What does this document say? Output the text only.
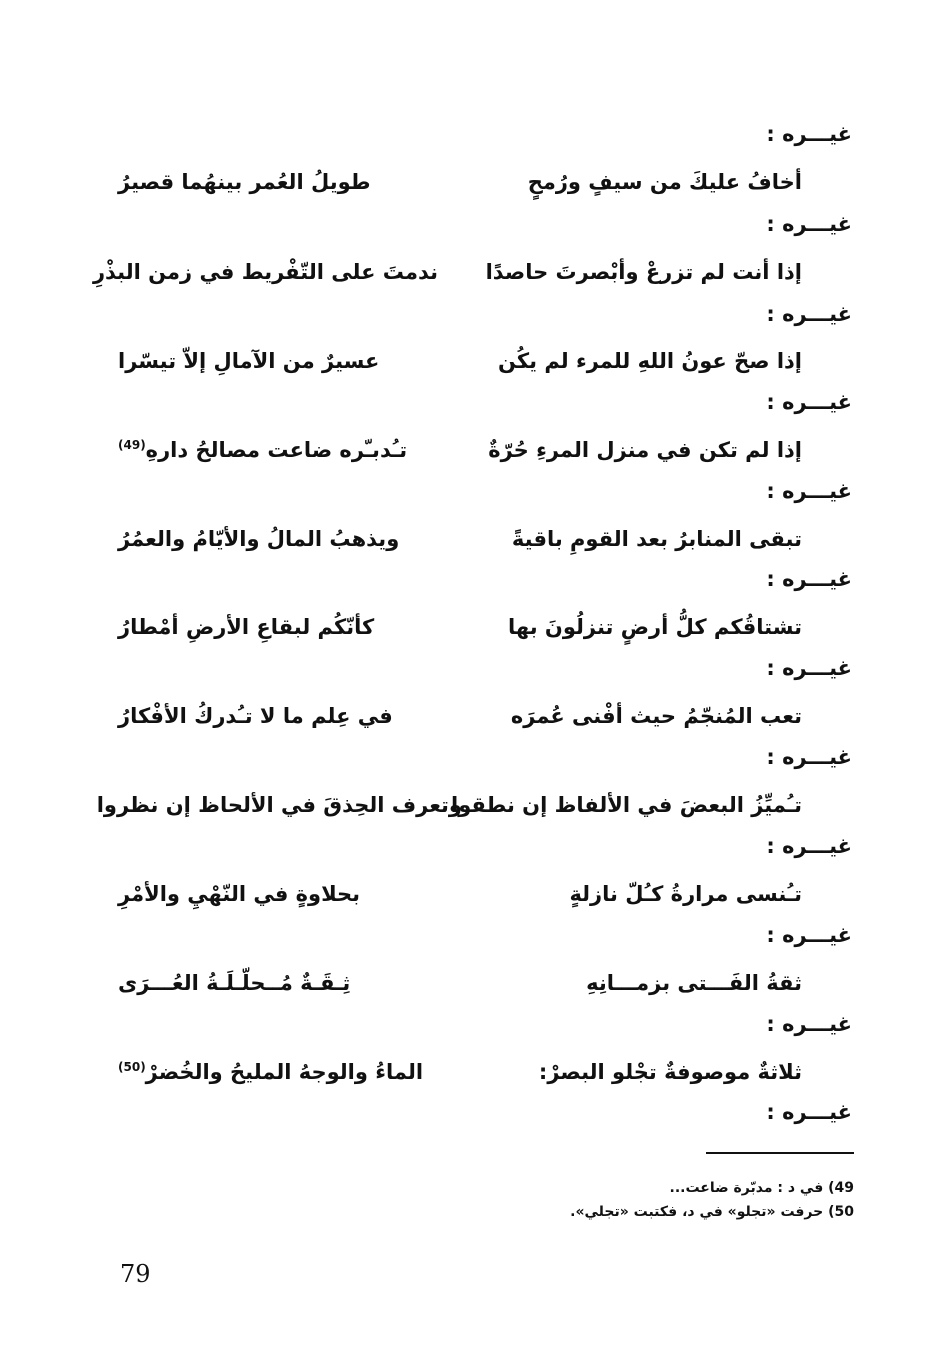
غيـــره :
أخافُ عليكَ من سيفٍ ورُمحٍ
طويلُ العُمر بينهُما قصيرُ
غيـــره :
إذا أنت لم تزرعْ وأبْصرتَ حاصدًا
ندمتَ على التّفْريط في زمن البذْرِ
غيـــره :
إذا صحّ عونُ اللهِ للمرء لم يكُن
عسيرٌ من الآمالِ إلاّ تيسّرا
غيـــره :
إذا لم تكن في منزل المرءِ حُرّةٌ
تـُدبـّره ضاعت مصالحُ دارهِ$^{(49)}$
غيـــره :
تبقى المنابرُ بعد القومِ باقيةً
ويذهبُ المالُ والأيّامُ والعمُرُ
غيـــره :
تشتاقُكم كلُّ أرضٍ تنزلُونَ بها
كأنّكُم لبقاعِ الأرضِ أمْطارُ
غيـــره :
تعب المُنجّمُ حيث أفْنى عُمرَه
في عِلم ما لا تـُدركُ الأفْكارُ
غيـــره :
تـُميِّزُ البعضَ في الألفاظ إن نطقوا
وتعرف الحِذقَ في الألحاظ إن نظروا
غيـــره :
تـُنسى مرارةُ كـُلّ نازلةٍ
بحلاوةٍ في النّهْيِ والأمْرِ
غيـــره :
ثقةُ الفَـــتى بزمـــانِهِ
ثِـقَـةٌ مُــحلّـلَـةُ العُـــرَى
غيـــره :
ثلاثةٌ موصوفةٌ تجْلو البصرْ:
الماءُ والوجهُ المليحُ والخُضرْ$^{(50)}$
غيـــره :
49) في د : مدبّرة ضاعت...
50) حرفت «تجلو» في د، فكتبت «تجلي».
79
